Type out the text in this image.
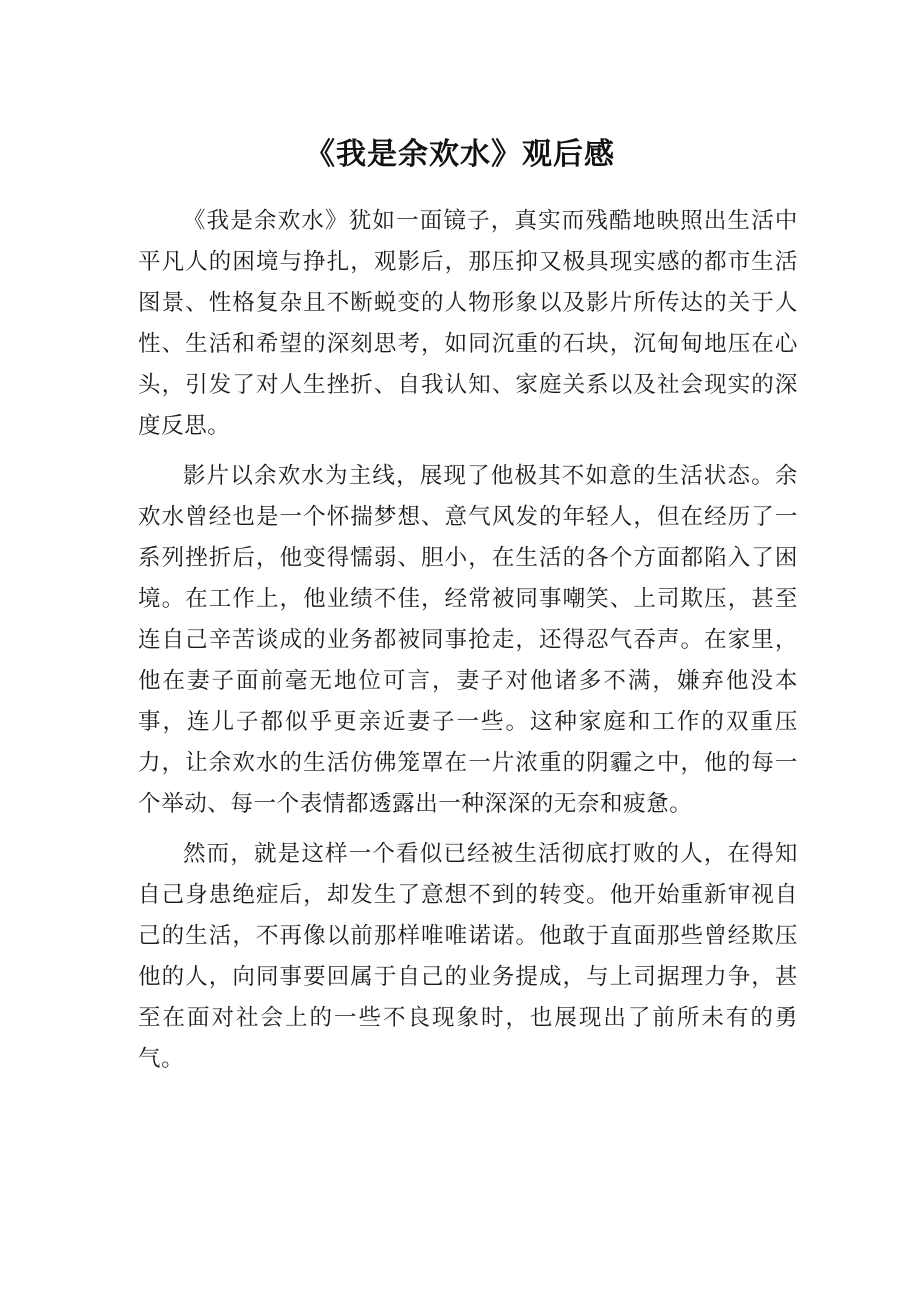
《我是余欢水》观后感

《我是余欢水》犹如一面镜子，真实而残酷地映照出生活中平凡人的困境与挣扎，观影后，那压抑又极具现实感的都市生活图景、性格复杂且不断蜕变的人物形象以及影片所传达的关于人性、生活和希望的深刻思考，如同沉重的石块，沉甸甸地压在心头，引发了对人生挫折、自我认知、家庭关系以及社会现实的深度反思。

影片以余欢水为主线，展现了他极其不如意的生活状态。余欢水曾经也是一个怀揣梦想、意气风发的年轻人，但在经历了一系列挫折后，他变得懦弱、胆小，在生活的各个方面都陷入了困境。在工作上，他业绩不佳，经常被同事嘲笑、上司欺压，甚至连自己辛苦谈成的业务都被同事抢走，还得忍气吞声。在家里，他在妻子面前毫无地位可言，妻子对他诸多不满，嫌弃他没本事，连儿子都似乎更亲近妻子一些。这种家庭和工作的双重压力，让余欢水的生活仿佛笼罩在一片浓重的阴霾之中，他的每一个举动、每一个表情都透露出一种深深的无奈和疲惫。

然而，就是这样一个看似已经被生活彻底打败的人，在得知自己身患绝症后，却发生了意想不到的转变。他开始重新审视自己的生活，不再像以前那样唯唯诺诺。他敢于直面那些曾经欺压他的人，向同事要回属于自己的业务提成，与上司据理力争，甚至在面对社会上的一些不良现象时，也展现出了前所未有的勇气。
